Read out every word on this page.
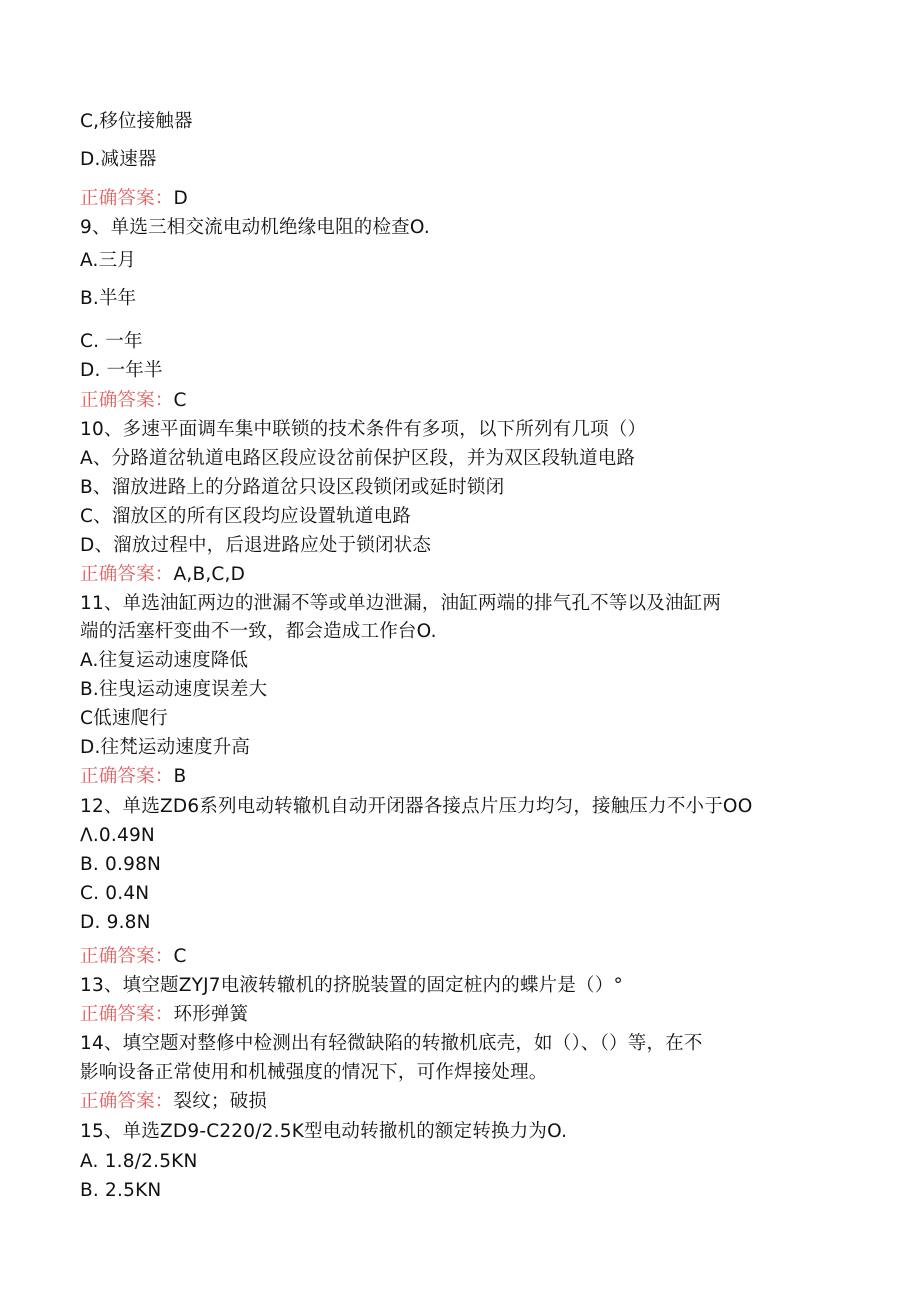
C,移位接触器
D.减速器
正确答案：D
9、单选三相交流电动机绝缘电阻的检查O.
A.三月
B.半年
C. 一年
D. 一年半
正确答案：C
10、多速平面调车集中联锁的技术条件有多项，以下所列有几项（）
A、分路道岔轨道电路区段应设岔前保护区段，并为双区段轨道电路
B、溜放进路上的分路道岔只设区段锁闭或延时锁闭
C、溜放区的所有区段均应设置轨道电路
D、溜放过程中，后退进路应处于锁闭状态
正确答案：A,B,C,D
11、单选油缸两边的泄漏不等或单边泄漏，油缸两端的排气孔不等以及油缸两
端的活塞杆变曲不一致，都会造成工作台O.
A.往复运动速度降低
B.往曳运动速度误差大
C低速爬行
D.往梵运动速度升高
正确答案：B
12、单选ZD6系列电动转辙机自动开闭器各接点片压力均匀，接触压力不小于OO
Λ.0.49N
B. 0.98N
C. 0.4N
D. 9.8N
正确答案：C
13、填空题ZYJ7电液转辙机的挤脱装置的固定桩内的蝶片是（）°
正确答案：环形弹簧
14、填空题对整修中检测出有轻微缺陷的转撤机底壳，如（）、（）等，在不
影响设备正常使用和机械强度的情况下，可作焊接处理。
正确答案：裂纹；破损
15、单选ZD9-C220/2.5K型电动转撤机的额定转换力为O.
A. 1.8/2.5KN
B. 2.5KN
